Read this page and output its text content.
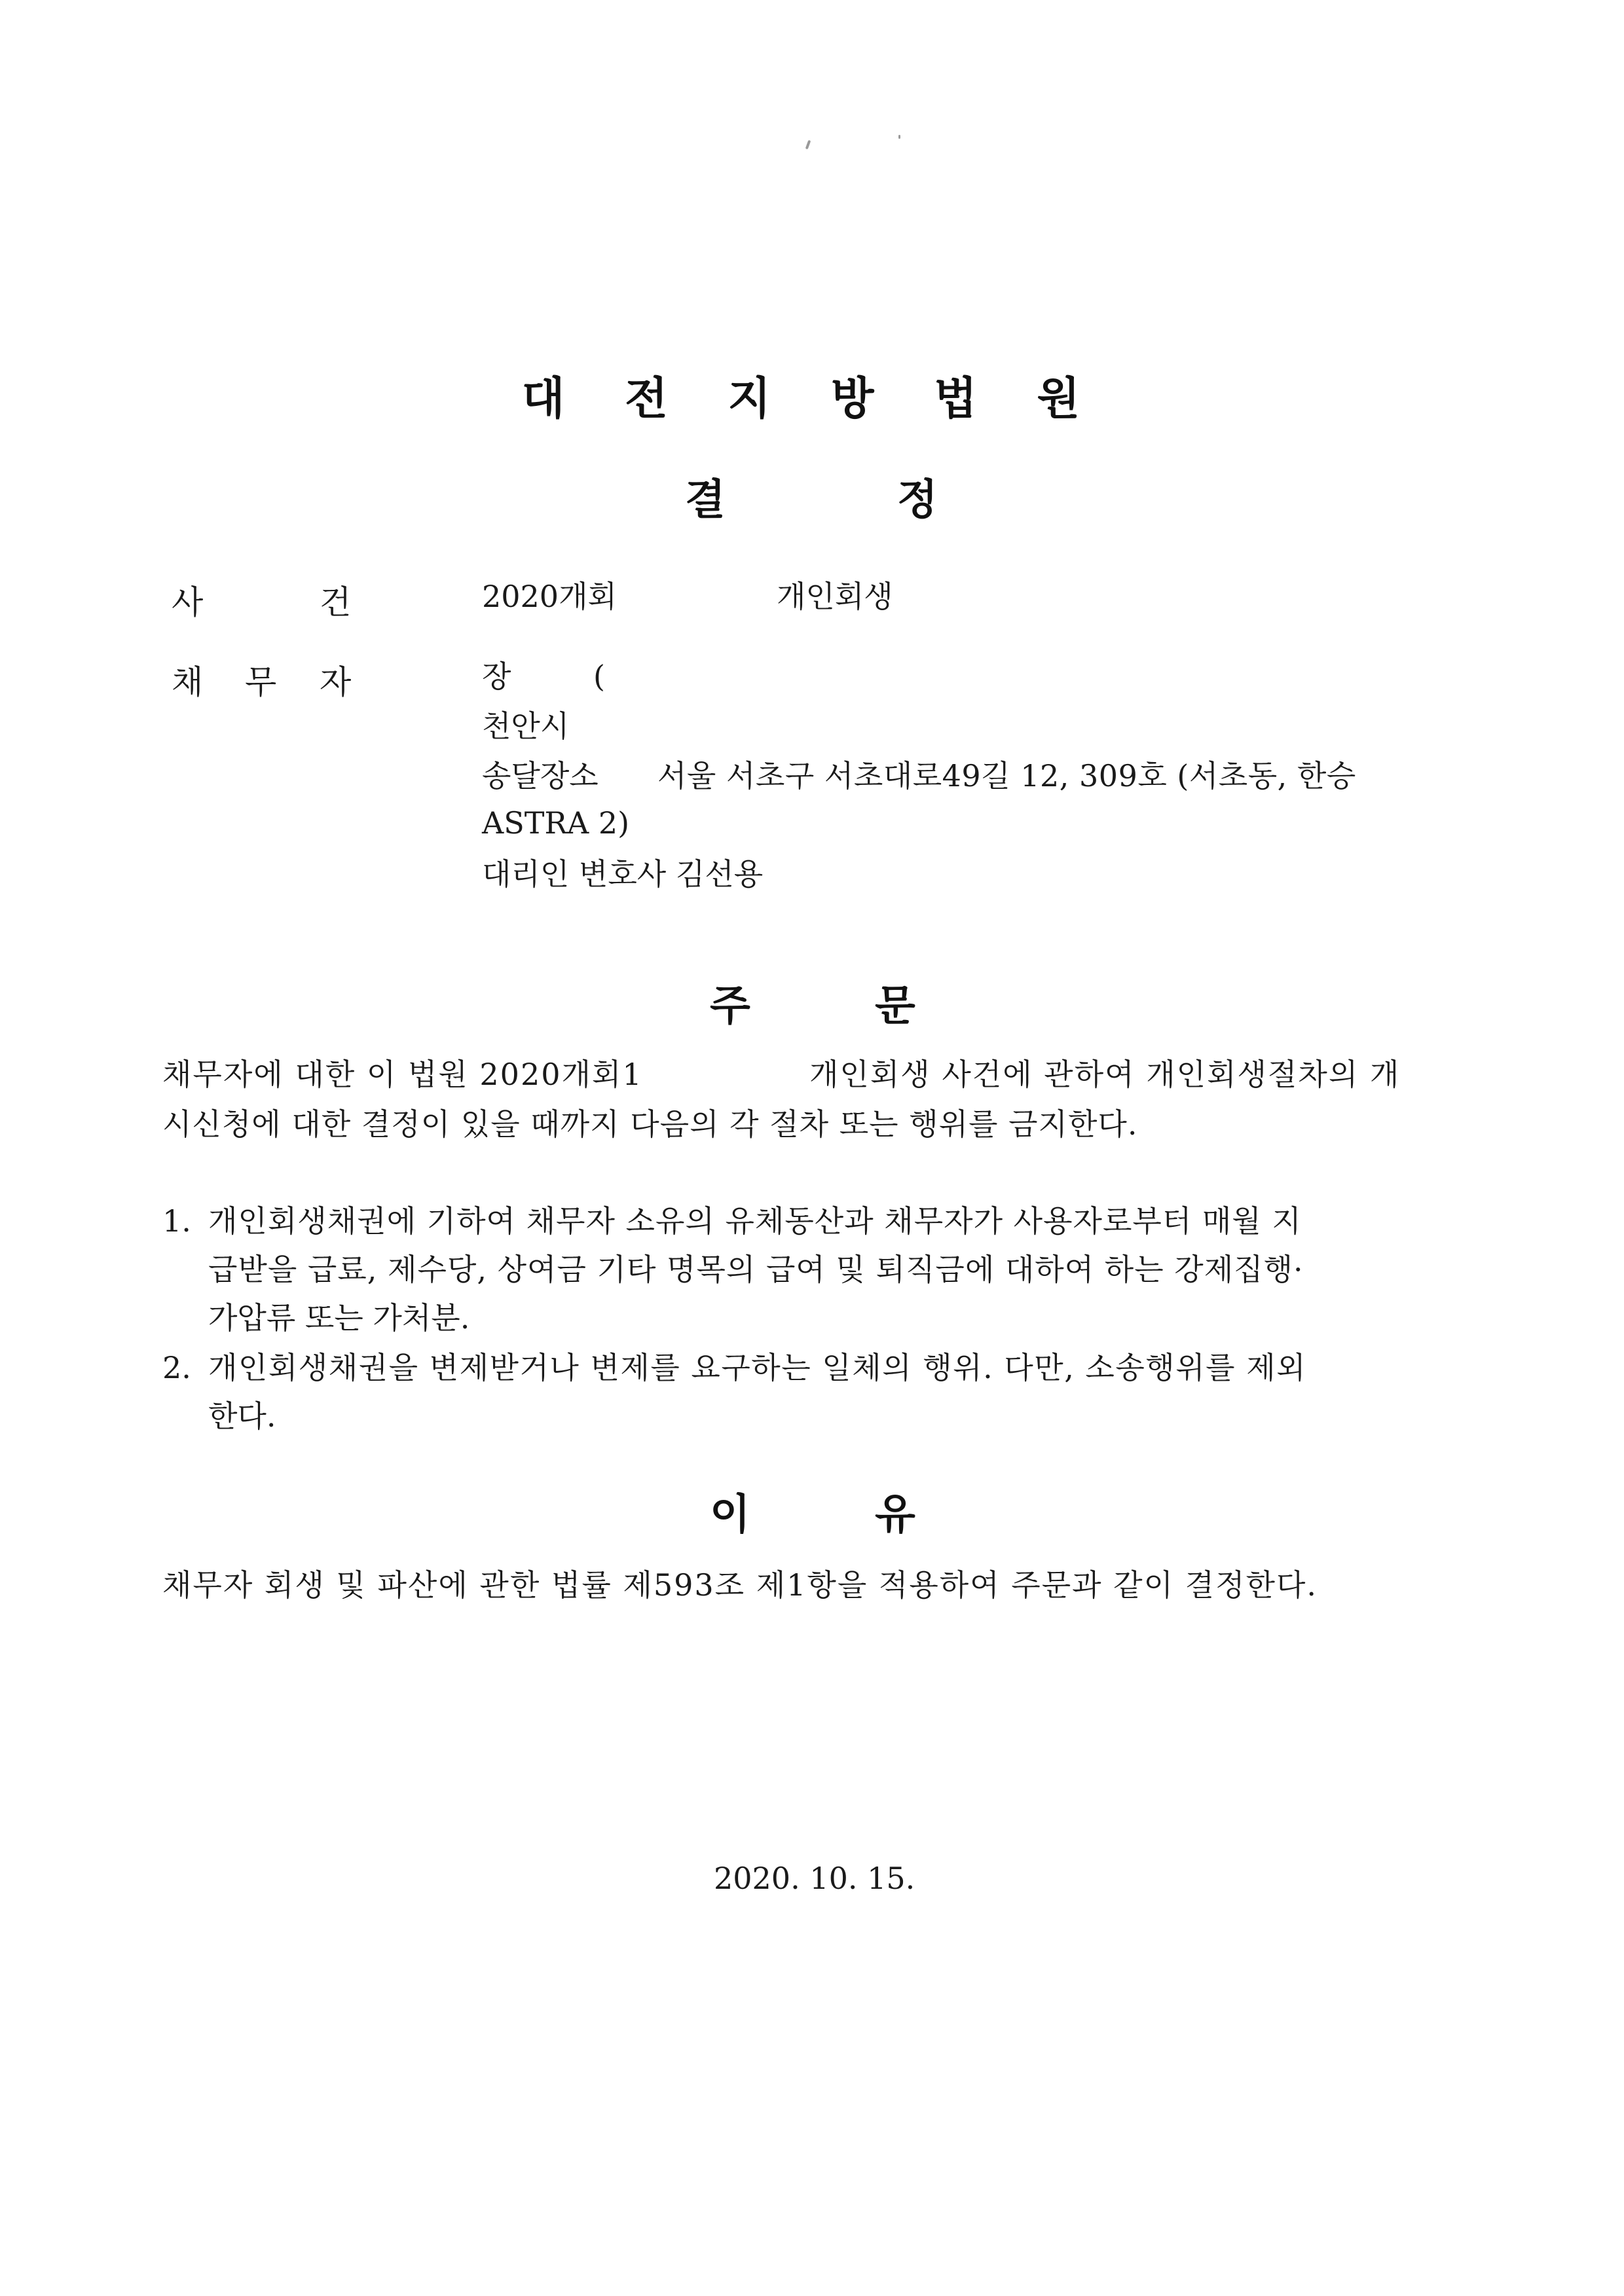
대 전 지 방 법 원
결	정
사	건	2020개회	개인회생
채 무 자	장	(
천안시
송달장소 서울 서초구 서초대로49길 12, 309호 (서초동, 한승
ASTRA 2)
대리인 변호사 김선용
주	문
채무자에 대한 이 법원 2020개회1	개인회생 사건에 관하여 개인회생절차의 개
시신청에 대한 결정이 있을 때까지 다음의 각 절차 또는 행위를 금지한다.
1. 개인회생채권에 기하여 채무자 소유의 유체동산과 채무자가 사용자로부터 매월 지
급받을 급료, 제수당, 상여금 기타 명목의 급여 및 퇴직금에 대하여 하는 강제집행·
가압류 또는 가처분.
2. 개인회생채권을 변제받거나 변제를 요구하는 일체의 행위. 다만, 소송행위를 제외
한다.
이	유
채무자 회생 및 파산에 관한 법률 제593조 제1항을 적용하여 주문과 같이 결정한다.
2020. 10. 15.
